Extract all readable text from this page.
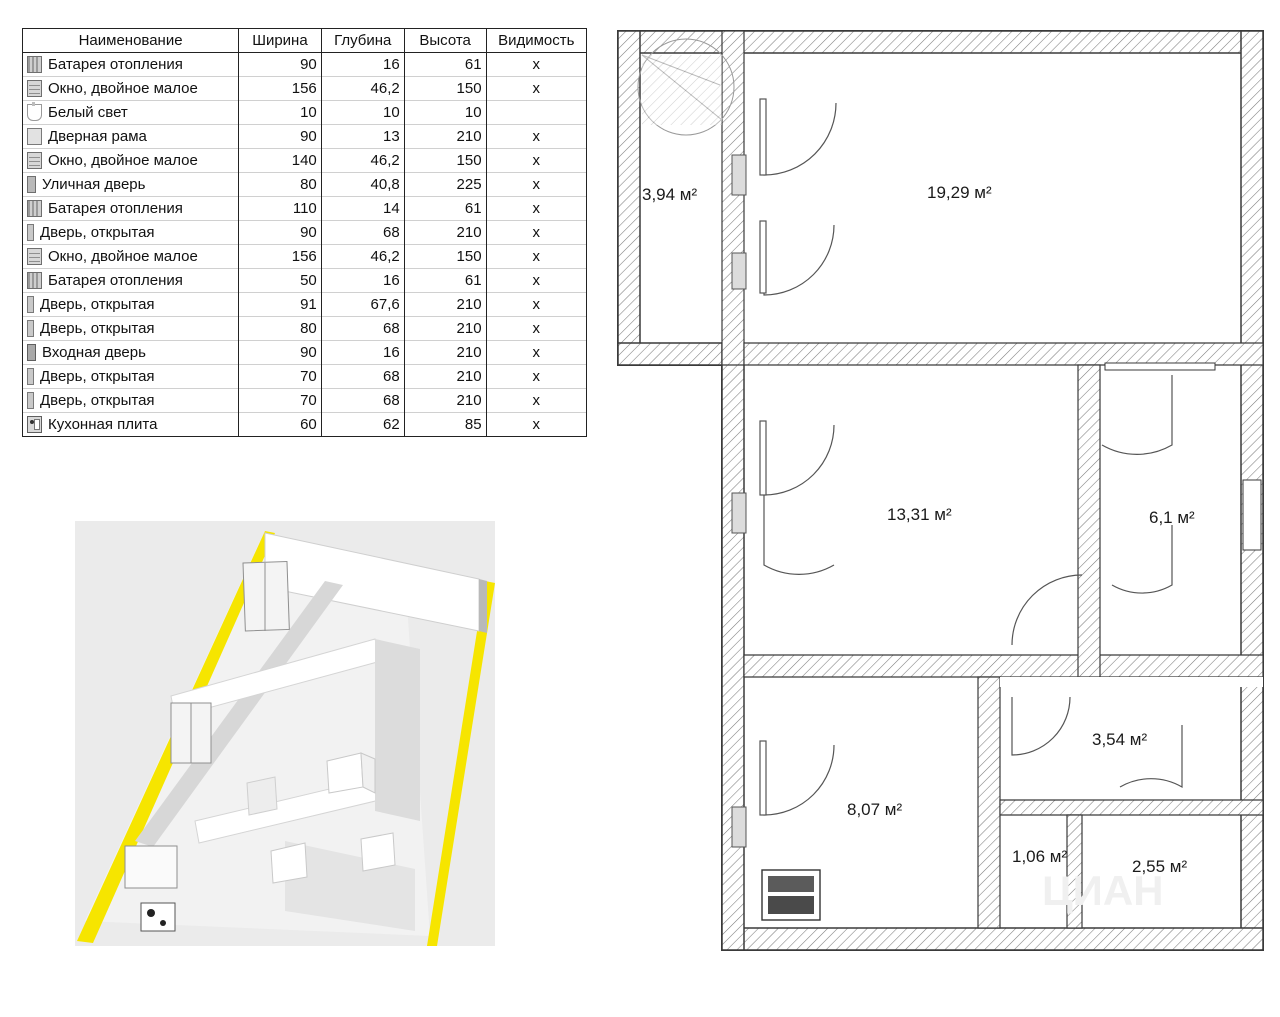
Наименование	Ширина	Глубина	Высота	Видимость

Батарея отопления	90	16	61	x

Окно, двойное малое	156	46,2	150	x

Белый свет	10	10	10	

Дверная рама	90	13	210	x

Окно, двойное малое	140	46,2	150	x

Уличная дверь	80	40,8	225	x

Батарея отопления	110	14	61	x

Дверь, открытая	90	68	210	x

Окно, двойное малое	156	46,2	150	x

Батарея отопления	50	16	61	x

Дверь, открытая	91	67,6	210	x

Дверь, открытая	80	68	210	x

Входная дверь	90	16	210	x

Дверь, открытая	70	68	210	x

Дверь, открытая	70	68	210	x

Кухонная плита	60	62	85	x
ЦИАН
3,94 м²	19,29 м²
13,31 м²	6,1 м²
8,07 м²
3,54 м²
1,06 м²
2,55 м²
